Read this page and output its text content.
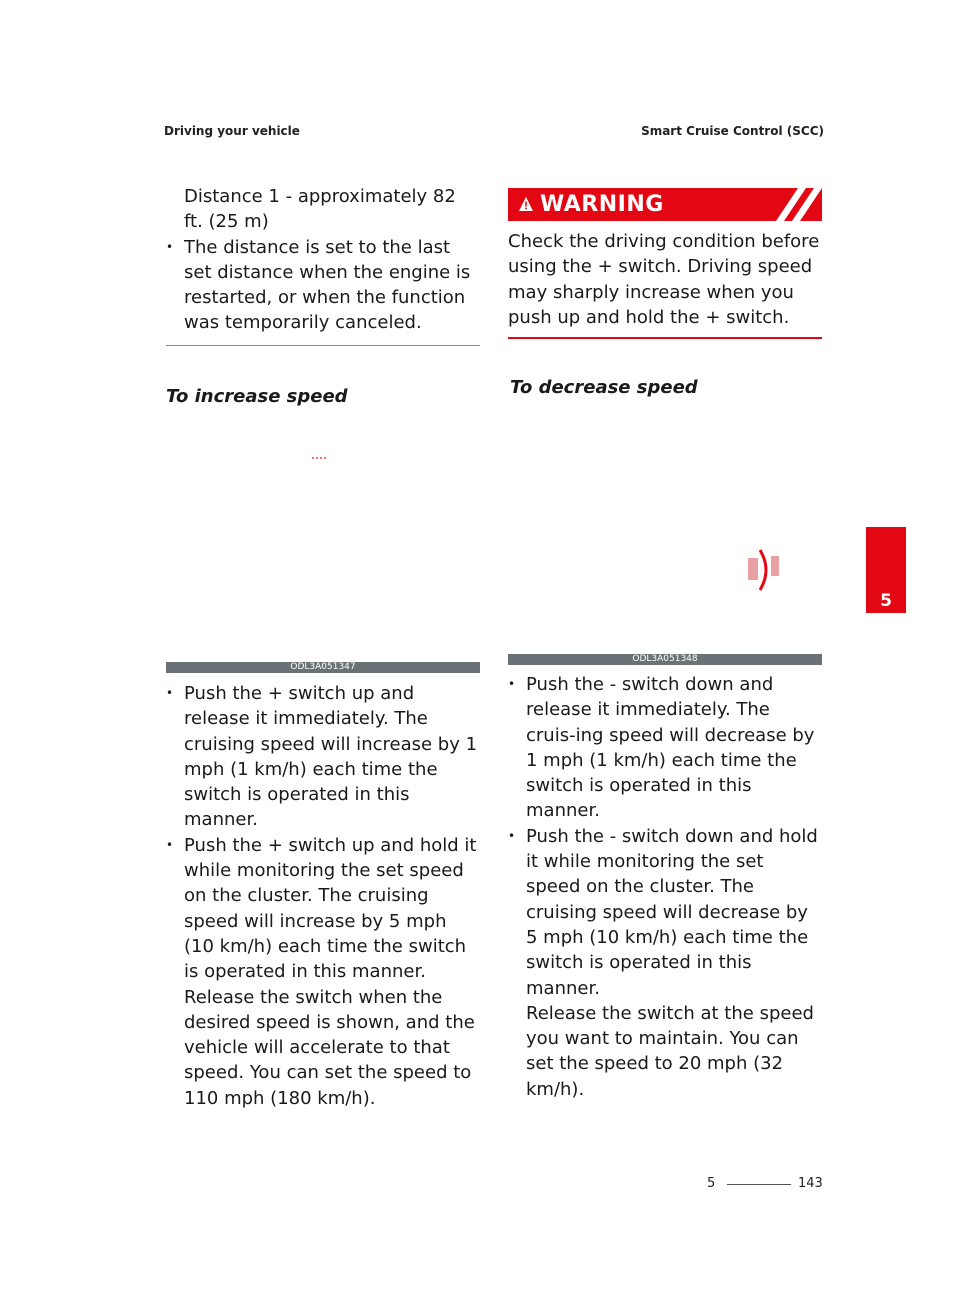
Driving your vehicle	Smart Cruise Control (SCC)

Distance 1 - approximately 82 ft. (25 m)

• The distance is set to the last set distance when the engine is restarted, or when the function was temporarily canceled.
To increase speed
ODL3A051347
• Push the + switch up and release it immediately. The cruising speed will increase by 1 mph (1 km/h) each time the switch is operated in this manner.
• Push the + switch up and hold it while monitoring the set speed on the cluster. The cruising speed will increase by 5 mph (10 km/h) each time the switch is operated in this manner. Release the switch when the desired speed is shown, and the vehicle will accelerate to that speed. You can set the speed to 110 mph (180 km/h).
WARNING

Check the driving condition before using the + switch. Driving speed may sharply increase when you push up and hold the + switch.

To decrease speed
ODL3A051348
• Push the - switch down and release it immediately. The cruis-ing speed will decrease by 1 mph (1 km/h) each time the switch is operated in this manner.
• Push the - switch down and hold it while monitoring the set speed on the cluster. The cruising speed will decrease by 5 mph (10 km/h) each time the switch is operated in this manner.

Release the switch at the speed you want to maintain. You can set the speed to 20 mph (32 km/h).

5
5	143
